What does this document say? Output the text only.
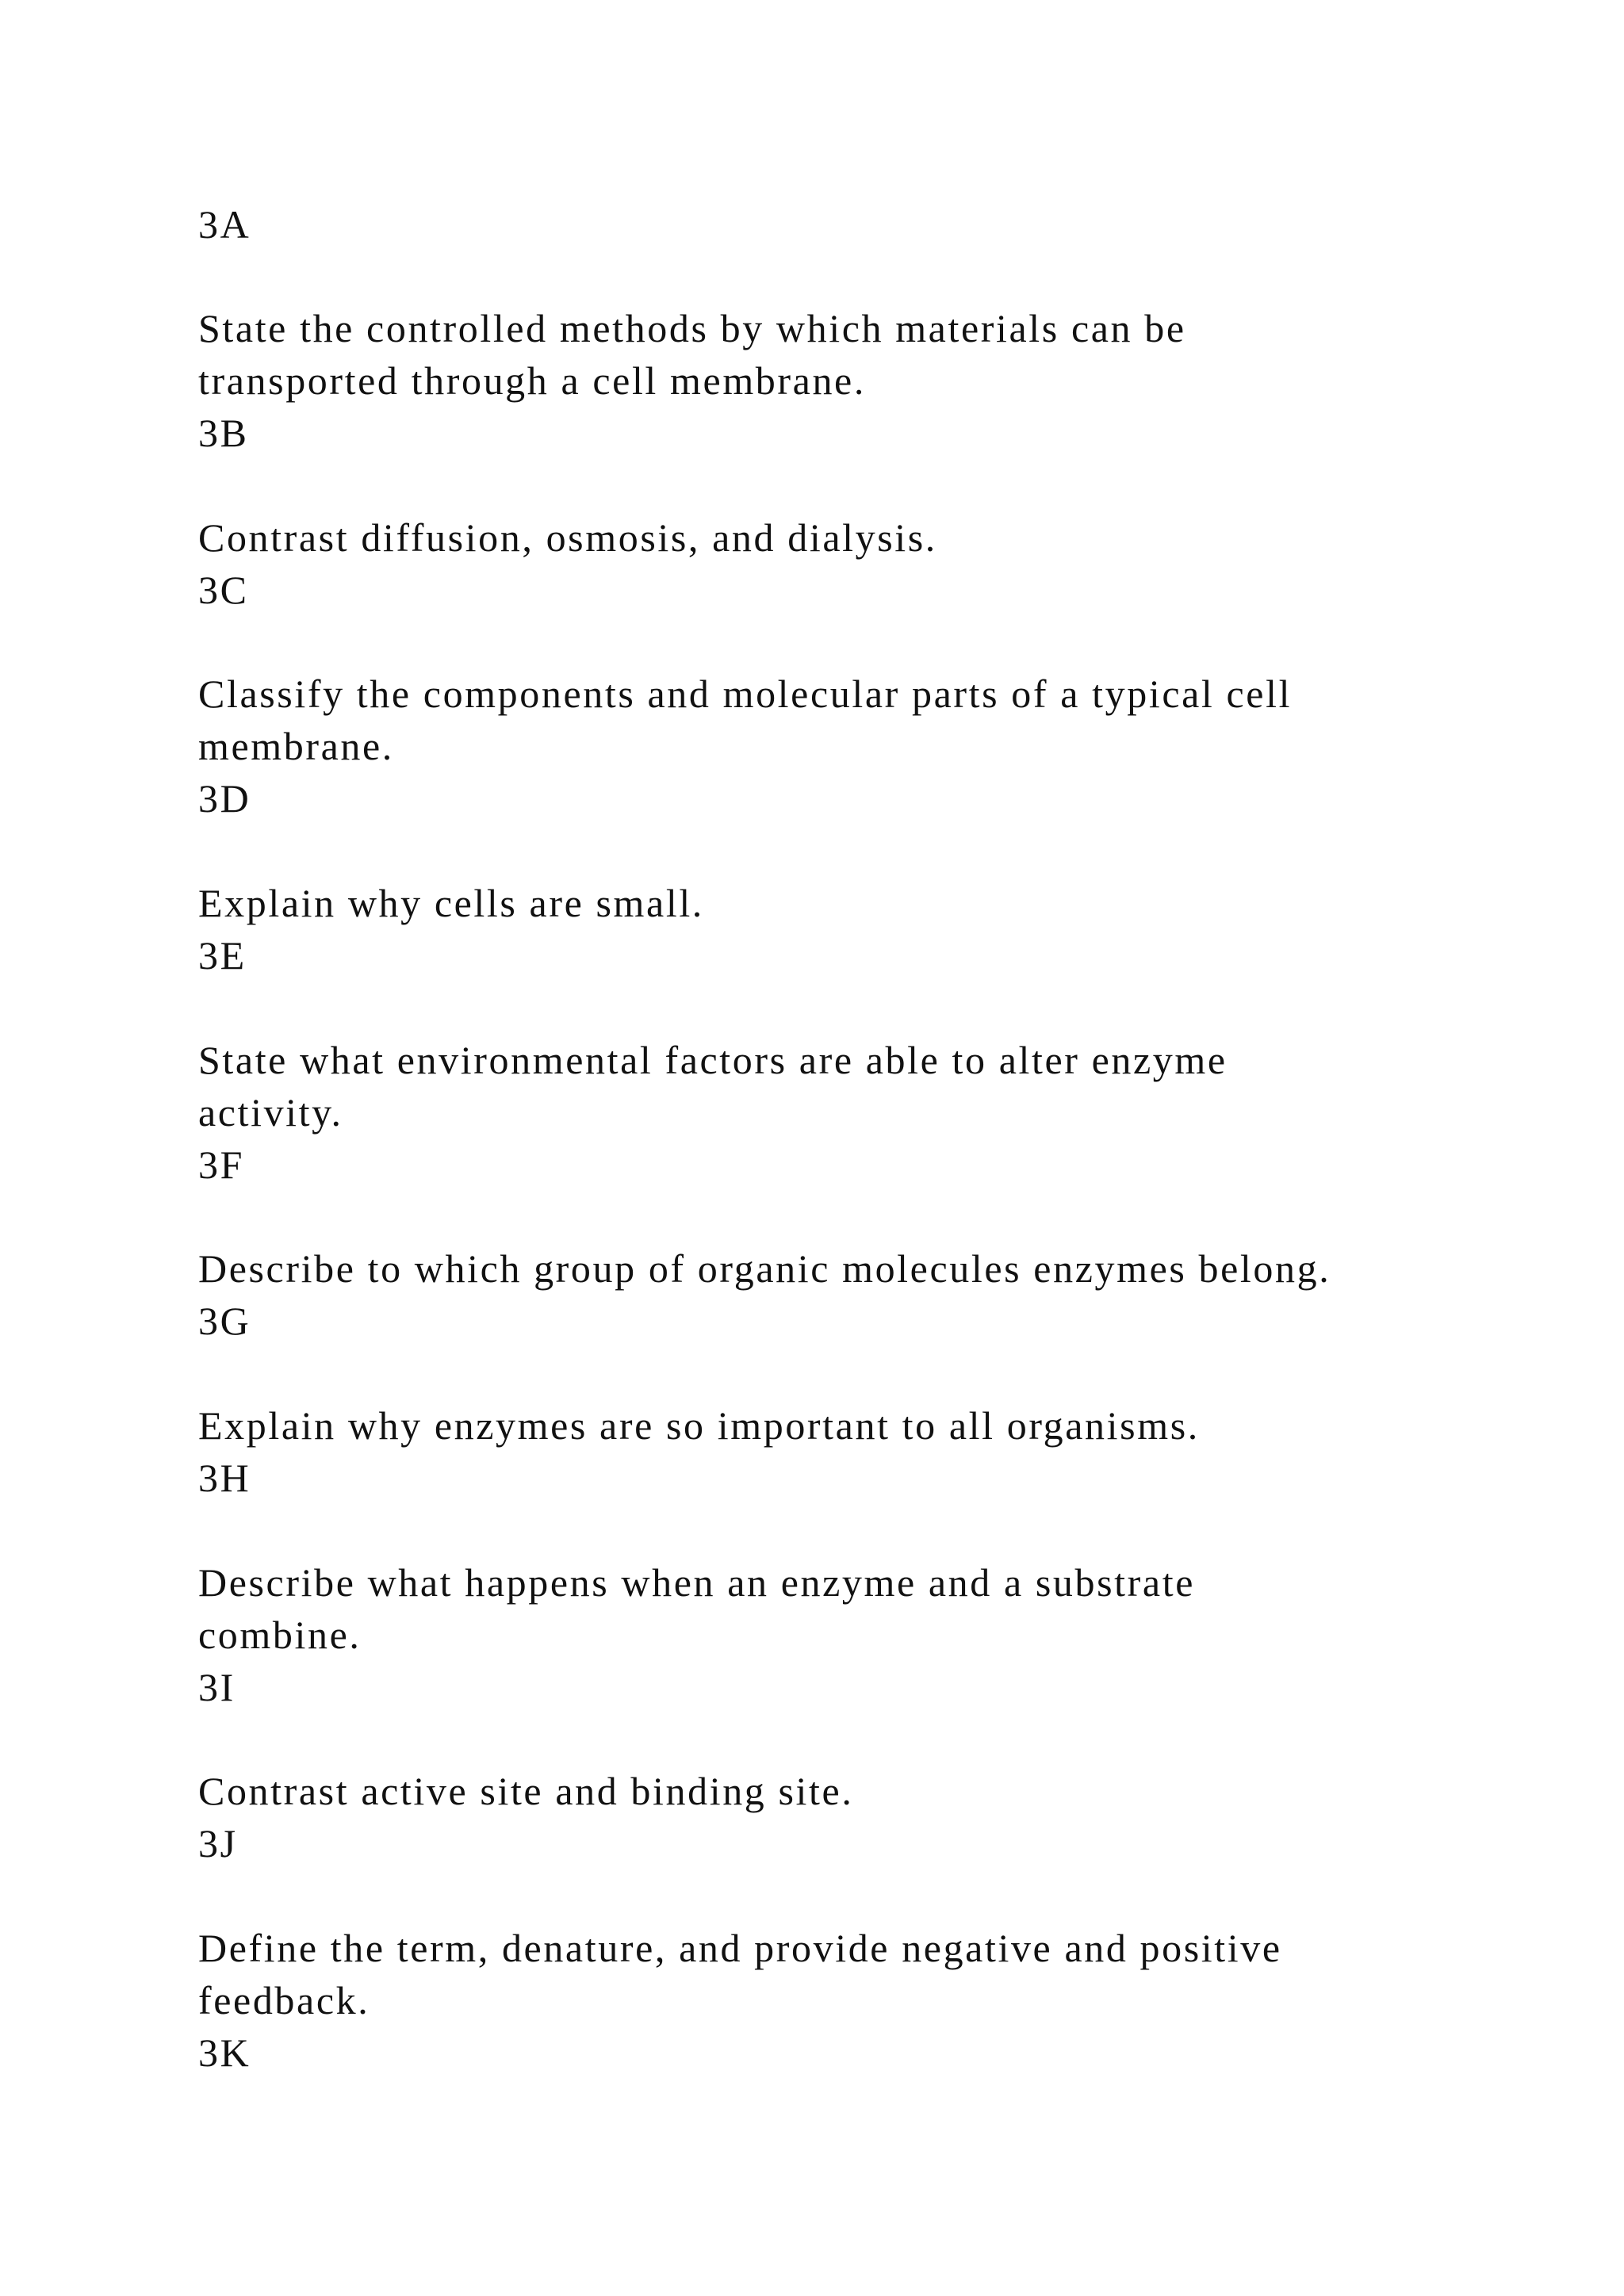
3A
State the controlled methods by which materials can be
transported through a cell membrane.
3B
Contrast diffusion, osmosis, and dialysis.
3C
Classify the components and molecular parts of a typical cell
membrane.
3D
Explain why cells are small.
3E
State what environmental factors are able to alter enzyme
activity.
3F
Describe to which group of organic molecules enzymes belong.
3G
Explain why enzymes are so important to all organisms.
3H
Describe what happens when an enzyme and a substrate
combine.
3I
Contrast active site and binding site.
3J
Define the term, denature, and provide negative and positive
feedback.
3K
